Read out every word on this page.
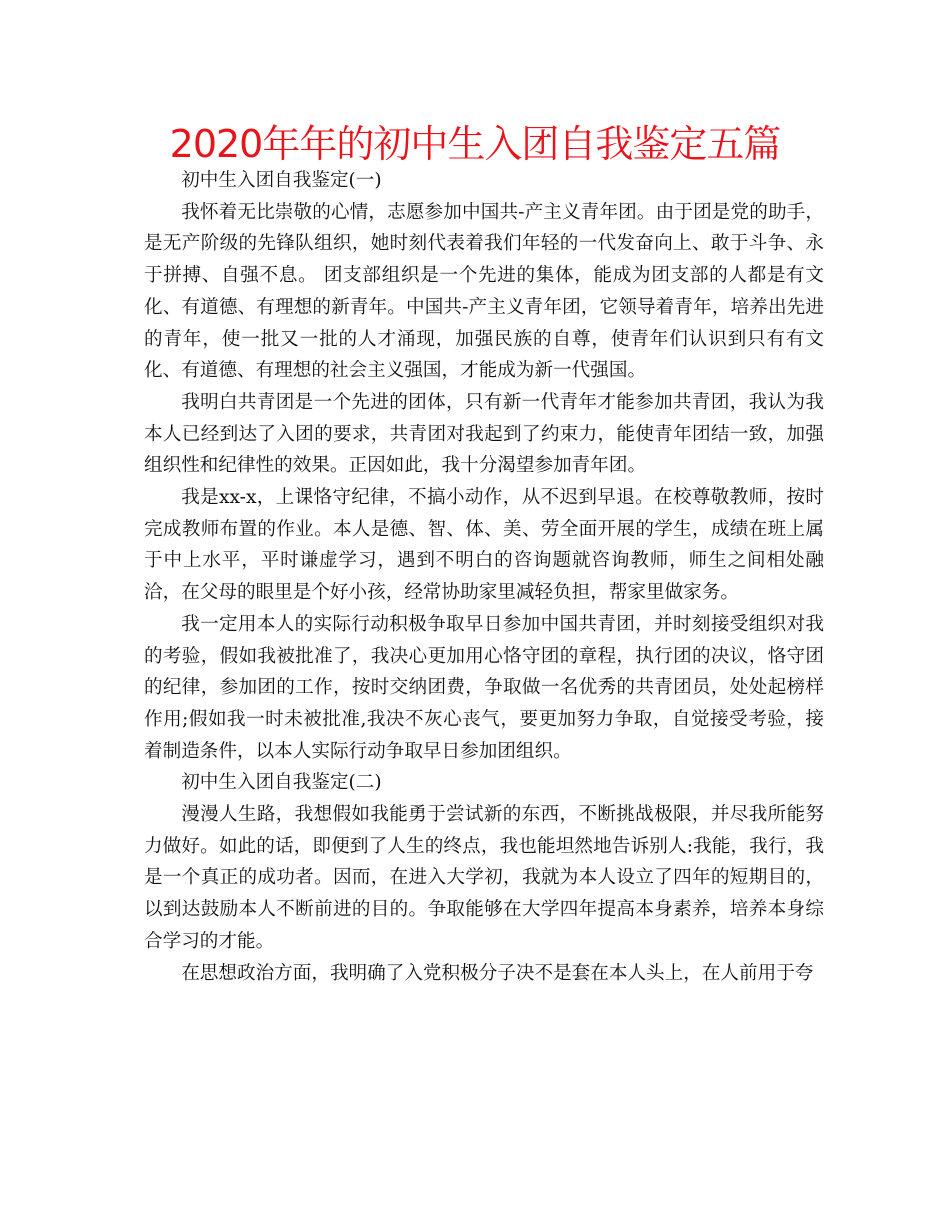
2020年年的初中生入团自我鉴定五篇

初中生入团自我鉴定(一)

我怀着无比崇敬的心情，志愿参加中国共-产主义青年团。由于团是党的助手，是无产阶级的先锋队组织，她时刻代表着我们年轻的一代发奋向上、敢于斗争、永于拼搏、自强不息。 团支部组织是一个先进的集体，能成为团支部的人都是有文化、有道德、有理想的新青年。中国共-产主义青年团，它领导着青年，培养出先进的青年，使一批又一批的人才涌现，加强民族的自尊，使青年们认识到只有有文化、有道德、有理想的社会主义强国，才能成为新一代强国。

我明白共青团是一个先进的团体，只有新一代青年才能参加共青团，我认为我本人已经到达了入团的要求，共青团对我起到了约束力，能使青年团结一致，加强组织性和纪律性的效果。正因如此，我十分渴望参加青年团。

我是xx-x，上课恪守纪律，不搞小动作，从不迟到早退。在校尊敬教师，按时完成教师布置的作业。本人是德、智、体、美、劳全面开展的学生，成绩在班上属于中上水平，平时谦虚学习，遇到不明白的咨询题就咨询教师，师生之间相处融洽，在父母的眼里是个好小孩，经常协助家里减轻负担，帮家里做家务。

我一定用本人的实际行动积极争取早日参加中国共青团，并时刻接受组织对我的考验，假如我被批准了，我决心更加用心恪守团的章程，执行团的决议，恪守团的纪律，参加团的工作，按时交纳团费，争取做一名优秀的共青团员，处处起榜样作用;假如我一时未被批准,我决不灰心丧气，要更加努力争取，自觉接受考验，接着制造条件，以本人实际行动争取早日参加团组织。

初中生入团自我鉴定(二)

漫漫人生路，我想假如我能勇于尝试新的东西，不断挑战极限，并尽我所能努力做好。如此的话，即便到了人生的终点，我也能坦然地告诉别人:我能，我行，我是一个真正的成功者。因而，在进入大学初，我就为本人设立了四年的短期目的，以到达鼓励本人不断前进的目的。争取能够在大学四年提高本身素养，培养本身综合学习的才能。

在思想政治方面，我明确了入党积极分子决不是套在本人头上，在人前用于夸
